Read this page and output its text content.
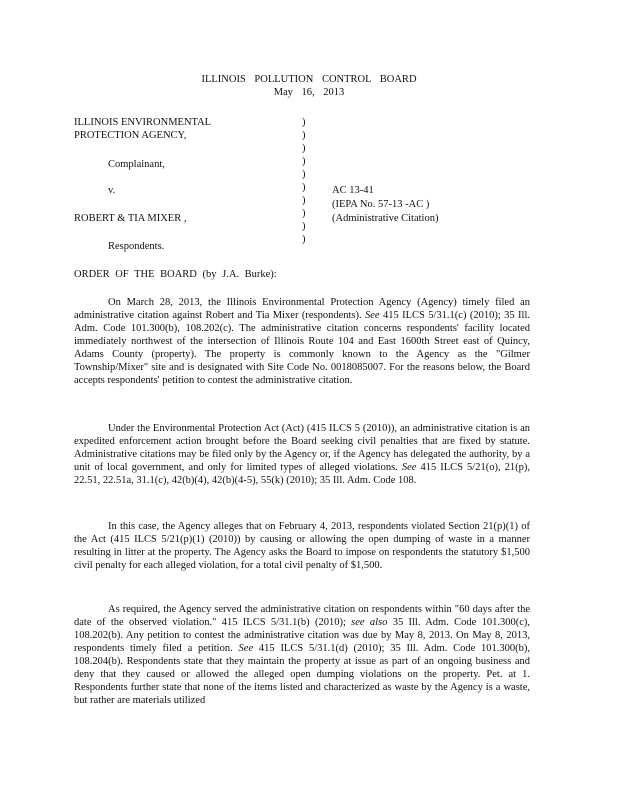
ILLINOIS POLLUTION CONTROL BOARD
May 16, 2013
ILLINOIS ENVIRONMENTAL
PROTECTION AGENCY,
Complainant,
v.
ROBERT & TIA MIXER ,
Respondents.
)
)
)
)
)
)
)
)
)
)
AC 13-41
(IEPA No. 57-13 -AC )
(Administrative Citation)
ORDER OF THE BOARD (by J.A. Burke):
On March 28, 2013, the Illinois Environmental Protection Agency (Agency) timely filed an administrative citation against Robert and Tia Mixer (respondents). See 415 ILCS 5/31.1(c) (2010); 35 Ill. Adm. Code 101.300(b), 108.202(c). The administrative citation concerns respondents' facility located immediately northwest of the intersection of Illinois Route 104 and East 1600th Street east of Quincy, Adams County (property). The property is commonly known to the Agency as the "Gilmer Township/Mixer" site and is designated with Site Code No. 0018085007. For the reasons below, the Board accepts respondents' petition to contest the administrative citation.
Under the Environmental Protection Act (Act) (415 ILCS 5 (2010)), an administrative citation is an expedited enforcement action brought before the Board seeking civil penalties that are fixed by statute. Administrative citations may be filed only by the Agency or, if the Agency has delegated the authority, by a unit of local government, and only for limited types of alleged violations. See 415 ILCS 5/21(o), 21(p), 22.51, 22.51a, 31.1(c), 42(b)(4), 42(b)(4-5), 55(k) (2010); 35 Ill. Adm. Code 108.
In this case, the Agency alleges that on February 4, 2013, respondents violated Section 21(p)(1) of the Act (415 ILCS 5/21(p)(1) (2010)) by causing or allowing the open dumping of waste in a manner resulting in litter at the property. The Agency asks the Board to impose on respondents the statutory $1,500 civil penalty for each alleged violation, for a total civil penalty of $1,500.
As required, the Agency served the administrative citation on respondents within "60 days after the date of the observed violation." 415 ILCS 5/31.1(b) (2010); see also 35 Ill. Adm. Code 101.300(c), 108.202(b). Any petition to contest the administrative citation was due by May 8, 2013. On May 8, 2013, respondents timely filed a petition. See 415 ILCS 5/31.1(d) (2010); 35 Ill. Adm. Code 101.300(b), 108.204(b). Respondents state that they maintain the property at issue as part of an ongoing business and deny that they caused or allowed the alleged open dumping violations on the property. Pet. at 1. Respondents further state that none of the items listed and characterized as waste by the Agency is a waste, but rather are materials utilized
